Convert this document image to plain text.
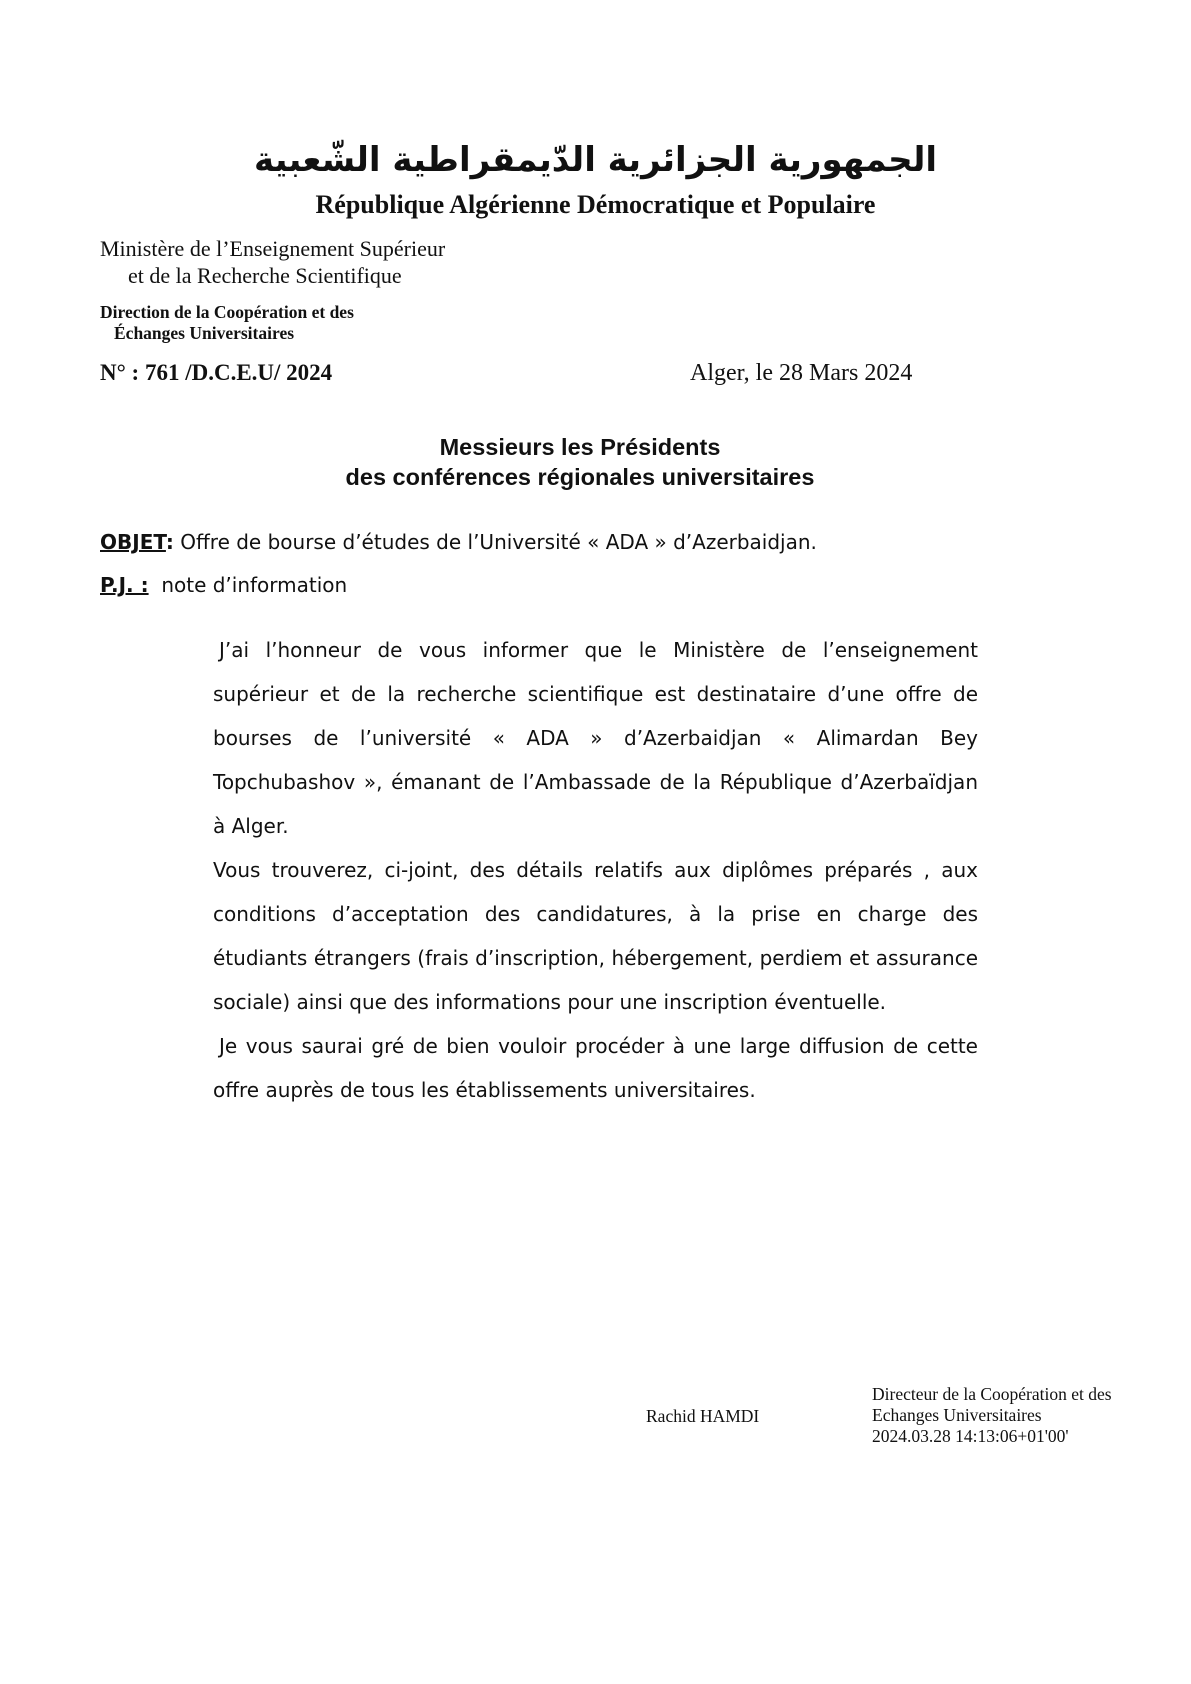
الجمهورية الجزائرية الدّيمقراطية الشّعبية
République Algérienne Démocratique et Populaire
Ministère de l’Enseignement Supérieur
et de la Recherche Scientifique
Direction de la Coopération et des
Échanges Universitaires
N° : 761 /D.C.E.U/ 2024	Alger, le 28 Mars 2024
Messieurs les Présidents
des conférences régionales universitaires
OBJET: Offre de bourse d’études de l’Université « ADA » d’Azerbaidjan.
P.J. : note d’information

J’ai l’honneur de vous informer que le Ministère de l’enseignement supérieur et de la recherche scientifique est destinataire d’une offre de bourses de l’université « ADA » d’Azerbaidjan « Alimardan Bey Topchubashov », émanant de l’Ambassade de la République d’Azerbaïdjan à Alger.

Vous trouverez, ci-joint, des détails relatifs aux diplômes préparés , aux conditions d’acceptation des candidatures, à la prise en charge des étudiants étrangers (frais d’inscription, hébergement, perdiem et assurance sociale) ainsi que des informations pour une inscription éventuelle.

Je vous saurai gré de bien vouloir procéder à une large diffusion de cette offre auprès de tous les établissements universitaires.

Rachid HAMDI
Directeur de la Coopération et des
Echanges Universitaires
2024.03.28 14:13:06+01'00'
